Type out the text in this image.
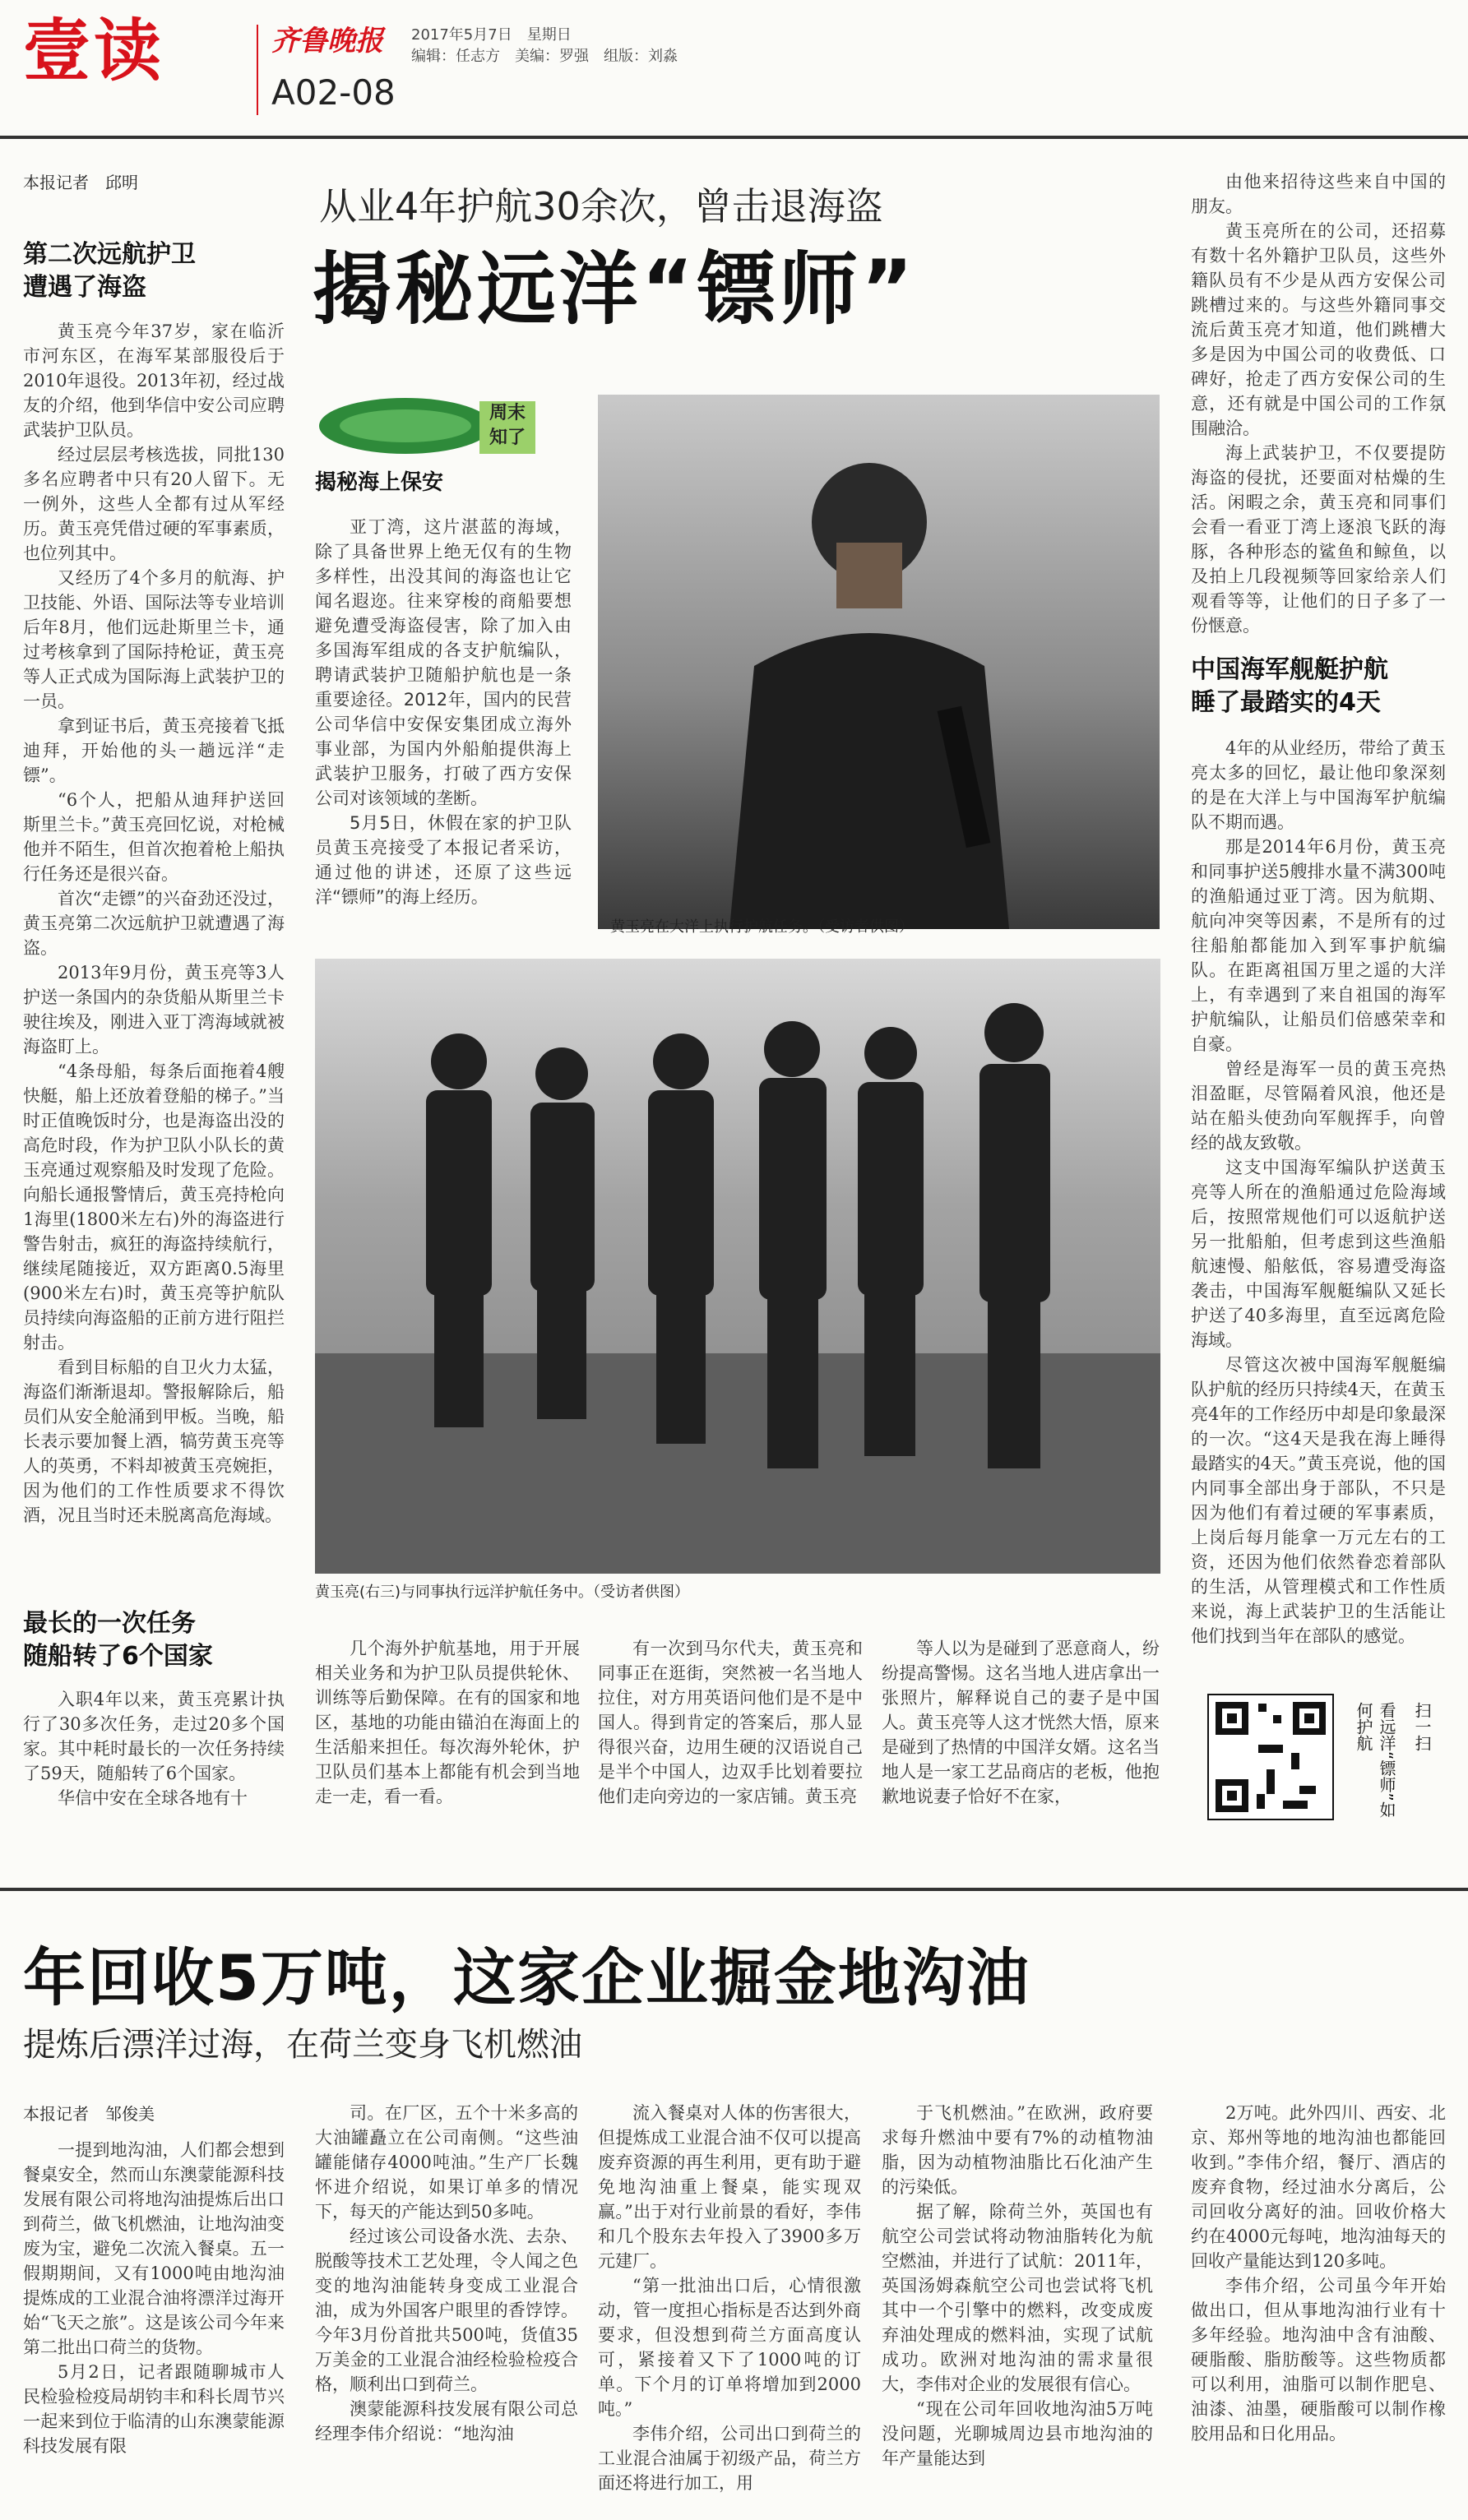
壹读	齐鲁晚报
A02-08
2017年5月7日　星期日
编辑：任志方　美编：罗强　组版：刘淼
本报记者　邱明
第二次远航护卫
遭遇了海盗

黄玉亮今年37岁，家在临沂市河东区，在海军某部服役后于2010年退役。2013年初，经过战友的介绍，他到华信中安公司应聘武装护卫队员。

经过层层考核选拔，同批130多名应聘者中只有20人留下。无一例外，这些人全都有过从军经历。黄玉亮凭借过硬的军事素质，也位列其中。

又经历了4个多月的航海、护卫技能、外语、国际法等专业培训后年8月，他们远赴斯里兰卡，通过考核拿到了国际持枪证，黄玉亮等人正式成为国际海上武装护卫的一员。

拿到证书后，黄玉亮接着飞抵迪拜，开始他的头一趟远洋“走镖”。

“6个人，把船从迪拜护送回斯里兰卡。”黄玉亮回忆说，对枪械他并不陌生，但首次抱着枪上船执行任务还是很兴奋。

首次“走镖”的兴奋劲还没过，黄玉亮第二次远航护卫就遭遇了海盗。

2013年9月份，黄玉亮等3人护送一条国内的杂货船从斯里兰卡驶往埃及，刚进入亚丁湾海域就被海盗盯上。

“4条母船，每条后面拖着4艘快艇，船上还放着登船的梯子。”当时正值晚饭时分，也是海盗出没的高危时段，作为护卫队小队长的黄玉亮通过观察船及时发现了危险。向船长通报警情后，黄玉亮持枪向1海里(1800米左右)外的海盗进行警告射击，疯狂的海盗持续航行，继续尾随接近，双方距离0.5海里(900米左右)时，黄玉亮等护航队员持续向海盗船的正前方进行阻拦射击。

看到目标船的自卫火力太猛，海盗们渐渐退却。警报解除后，船员们从安全舱涌到甲板。当晚，船长表示要加餐上酒，犒劳黄玉亮等人的英勇，不料却被黄玉亮婉拒，因为他们的工作性质要求不得饮酒，况且当时还未脱离高危海域。

最长的一次任务
随船转了6个国家

入职4年以来，黄玉亮累计执行了30多次任务，走过20多个国家。其中耗时最长的一次任务持续了59天，随船转了6个国家。

华信中安在全球各地有十

从业4年护航30余次，曾击退海盗
揭秘远洋“镖师”
周末
知了
揭秘海上保安

亚丁湾，这片湛蓝的海域，除了具备世界上绝无仅有的生物多样性，出没其间的海盗也让它闻名遐迩。往来穿梭的商船要想避免遭受海盗侵害，除了加入由多国海军组成的各支护航编队，聘请武装护卫随船护航也是一条重要途径。2012年，国内的民营公司华信中安保安集团成立海外事业部，为国内外船舶提供海上武装护卫服务，打破了西方安保公司对该领域的垄断。

5月5日，休假在家的护卫队员黄玉亮接受了本报记者采访，通过他的讲述，还原了这些远洋“镖师”的海上经历。

黄玉亮在大洋上执行护航任务。（受访者供图）
黄玉亮(右三)与同事执行远洋护航任务中。（受访者供图）

几个海外护航基地，用于开展相关业务和为护卫队员提供轮休、训练等后勤保障。在有的国家和地区，基地的功能由锚泊在海面上的生活船来担任。每次海外轮休，护卫队员们基本上都能有机会到当地走一走，看一看。

有一次到马尔代夫，黄玉亮和同事正在逛街，突然被一名当地人拉住，对方用英语问他们是不是中国人。得到肯定的答案后，那人显得很兴奋，边用生硬的汉语说自己是半个中国人，边双手比划着要拉他们走向旁边的一家店铺。黄玉亮

等人以为是碰到了恶意商人，纷纷提高警惕。这名当地人进店拿出一张照片，解释说自己的妻子是中国人。黄玉亮等人这才恍然大悟，原来是碰到了热情的中国洋女婿。这名当地人是一家工艺品商店的老板，他抱歉地说妻子恰好不在家，

由他来招待这些来自中国的朋友。

黄玉亮所在的公司，还招募有数十名外籍护卫队员，这些外籍队员有不少是从西方安保公司跳槽过来的。与这些外籍同事交流后黄玉亮才知道，他们跳槽大多是因为中国公司的收费低、口碑好，抢走了西方安保公司的生意，还有就是中国公司的工作氛围融洽。

海上武装护卫，不仅要提防海盗的侵扰，还要面对枯燥的生活。闲暇之余，黄玉亮和同事们会看一看亚丁湾上逐浪飞跃的海豚，各种形态的鲨鱼和鲸鱼，以及拍上几段视频等回家给亲人们观看等等，让他们的日子多了一份惬意。

中国海军舰艇护航
睡了最踏实的4天

4年的从业经历，带给了黄玉亮太多的回忆，最让他印象深刻的是在大洋上与中国海军护航编队不期而遇。

那是2014年6月份，黄玉亮和同事护送5艘排水量不满300吨的渔船通过亚丁湾。因为航期、航向冲突等因素，不是所有的过往船舶都能加入到军事护航编队。在距离祖国万里之遥的大洋上，有幸遇到了来自祖国的海军护航编队，让船员们倍感荣幸和自豪。

曾经是海军一员的黄玉亮热泪盈眶，尽管隔着风浪，他还是站在船头使劲向军舰挥手，向曾经的战友致敬。

这支中国海军编队护送黄玉亮等人所在的渔船通过危险海域后，按照常规他们可以返航护送另一批船舶，但考虑到这些渔船航速慢、船舷低，容易遭受海盗袭击，中国海军舰艇编队又延长护送了40多海里，直至远离危险海域。

尽管这次被中国海军舰艇编队护航的经历只持续4天，在黄玉亮4年的工作经历中却是印象最深的一次。“这4天是我在海上睡得最踏实的4天。”黄玉亮说，他的国内同事全部出身于部队，不只是因为他们有着过硬的军事素质，上岗后每月能拿一万元左右的工资，还因为他们依然眷恋着部队的生活，从管理模式和工作性质来说，海上武装护卫的生活能让他们找到当年在部队的感觉。

扫一扫
看远洋“镖师”如何护航
年回收5万吨，这家企业掘金地沟油
提炼后漂洋过海，在荷兰变身飞机燃油
本报记者　邹俊美

一提到地沟油，人们都会想到餐桌安全，然而山东澳蒙能源科技发展有限公司将地沟油提炼后出口到荷兰，做飞机燃油，让地沟油变废为宝，避免二次流入餐桌。五一假期期间，又有1000吨由地沟油提炼成的工业混合油将漂洋过海开始“飞天之旅”。这是该公司今年来第二批出口荷兰的货物。

5月2日，记者跟随聊城市人民检验检疫局胡钧丰和科长周节兴一起来到位于临清的山东澳蒙能源科技发展有限

司。在厂区，五个十米多高的大油罐矗立在公司南侧。“这些油罐能储存4000吨油。”生产厂长魏怀进介绍说，如果订单多的情况下，每天的产能达到50多吨。

经过该公司设备水洗、去杂、脱酸等技术工艺处理，令人闻之色变的地沟油能转身变成工业混合油，成为外国客户眼里的香饽饽。今年3月份首批共500吨，货值35万美金的工业混合油经检验检疫合格，顺利出口到荷兰。

澳蒙能源科技发展有限公司总经理李伟介绍说：“地沟油

流入餐桌对人体的伤害很大，但提炼成工业混合油不仅可以提高废弃资源的再生利用，更有助于避免地沟油重上餐桌，能实现双赢。”出于对行业前景的看好，李伟和几个股东去年投入了3900多万元建厂。

“第一批油出口后，心情很激动，管一度担心指标是否达到外商要求，但没想到荷兰方面高度认可，紧接着又下了1000吨的订单。下个月的订单将增加到2000吨。”

李伟介绍，公司出口到荷兰的工业混合油属于初级产品，荷兰方面还将进行加工，用

于飞机燃油。”在欧洲，政府要求每升燃油中要有7%的动植物油脂，因为动植物油脂比石化油产生的污染低。

据了解，除荷兰外，英国也有航空公司尝试将动物油脂转化为航空燃油，并进行了试航：2011年，英国汤姆森航空公司也尝试将飞机其中一个引擎中的燃料，改变成废弃油处理成的燃料油，实现了试航成功。欧洲对地沟油的需求量很大，李伟对企业的发展很有信心。

“现在公司年回收地沟油5万吨没问题，光聊城周边县市地沟油的年产量能达到

2万吨。此外四川、西安、北京、郑州等地的地沟油也都能回收到。”李伟介绍，餐厅、酒店的废弃食物，经过油水分离后，公司回收分离好的油。回收价格大约在4000元每吨，地沟油每天的回收产量能达到120多吨。

李伟介绍，公司虽今年开始做出口，但从事地沟油行业有十多年经验。地沟油中含有油酸、硬脂酸、脂肪酸等。这些物质都可以利用，油脂可以制作肥皂、油漆、油墨，硬脂酸可以制作橡胶用品和日化用品。
